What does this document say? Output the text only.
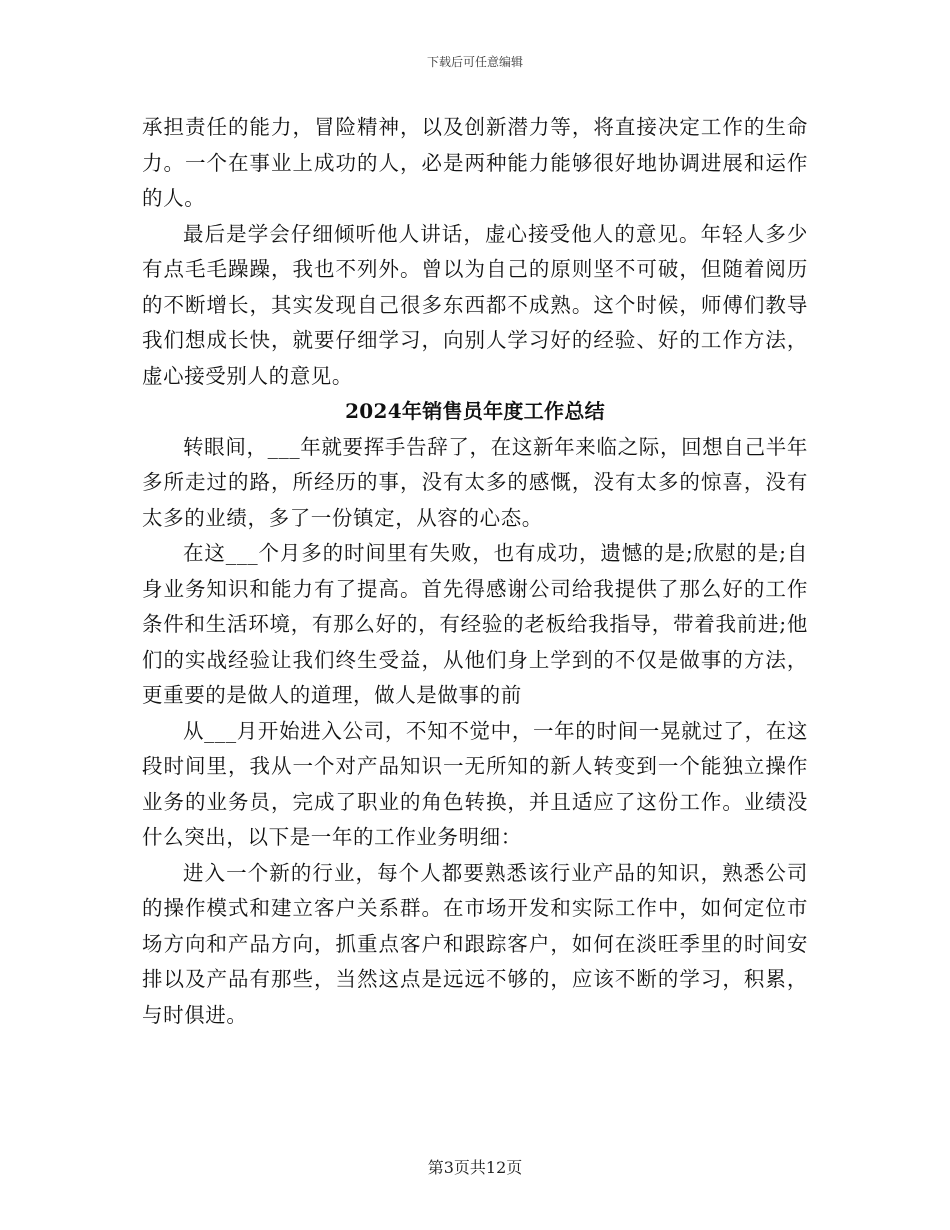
下载后可任意编辑

承担责任的能力，冒险精神，以及创新潜力等，将直接决定工作的生命力。一个在事业上成功的人，必是两种能力能够很好地协调进展和运作的人。

最后是学会仔细倾听他人讲话，虚心接受他人的意见。年轻人多少有点毛毛躁躁，我也不列外。曾以为自己的原则坚不可破，但随着阅历的不断增长，其实发现自己很多东西都不成熟。这个时候，师傅们教导我们想成长快，就要仔细学习，向别人学习好的经验、好的工作方法，虚心接受别人的意见。

2024年销售员年度工作总结

转眼间，___年就要挥手告辞了，在这新年来临之际，回想自己半年多所走过的路，所经历的事，没有太多的感慨，没有太多的惊喜，没有太多的业绩，多了一份镇定，从容的心态。

在这___个月多的时间里有失败，也有成功，遗憾的是;欣慰的是;自身业务知识和能力有了提高。首先得感谢公司给我提供了那么好的工作条件和生活环境，有那么好的，有经验的老板给我指导，带着我前进;他们的实战经验让我们终生受益，从他们身上学到的不仅是做事的方法，更重要的是做人的道理，做人是做事的前

从___月开始进入公司，不知不觉中，一年的时间一晃就过了，在这段时间里，我从一个对产品知识一无所知的新人转变到一个能独立操作业务的业务员，完成了职业的角色转换，并且适应了这份工作。业绩没什么突出，以下是一年的工作业务明细：

进入一个新的行业，每个人都要熟悉该行业产品的知识，熟悉公司的操作模式和建立客户关系群。在市场开发和实际工作中，如何定位市场方向和产品方向，抓重点客户和跟踪客户，如何在淡旺季里的时间安排以及产品有那些，当然这点是远远不够的，应该不断的学习，积累，与时俱进。

第3页共12页
